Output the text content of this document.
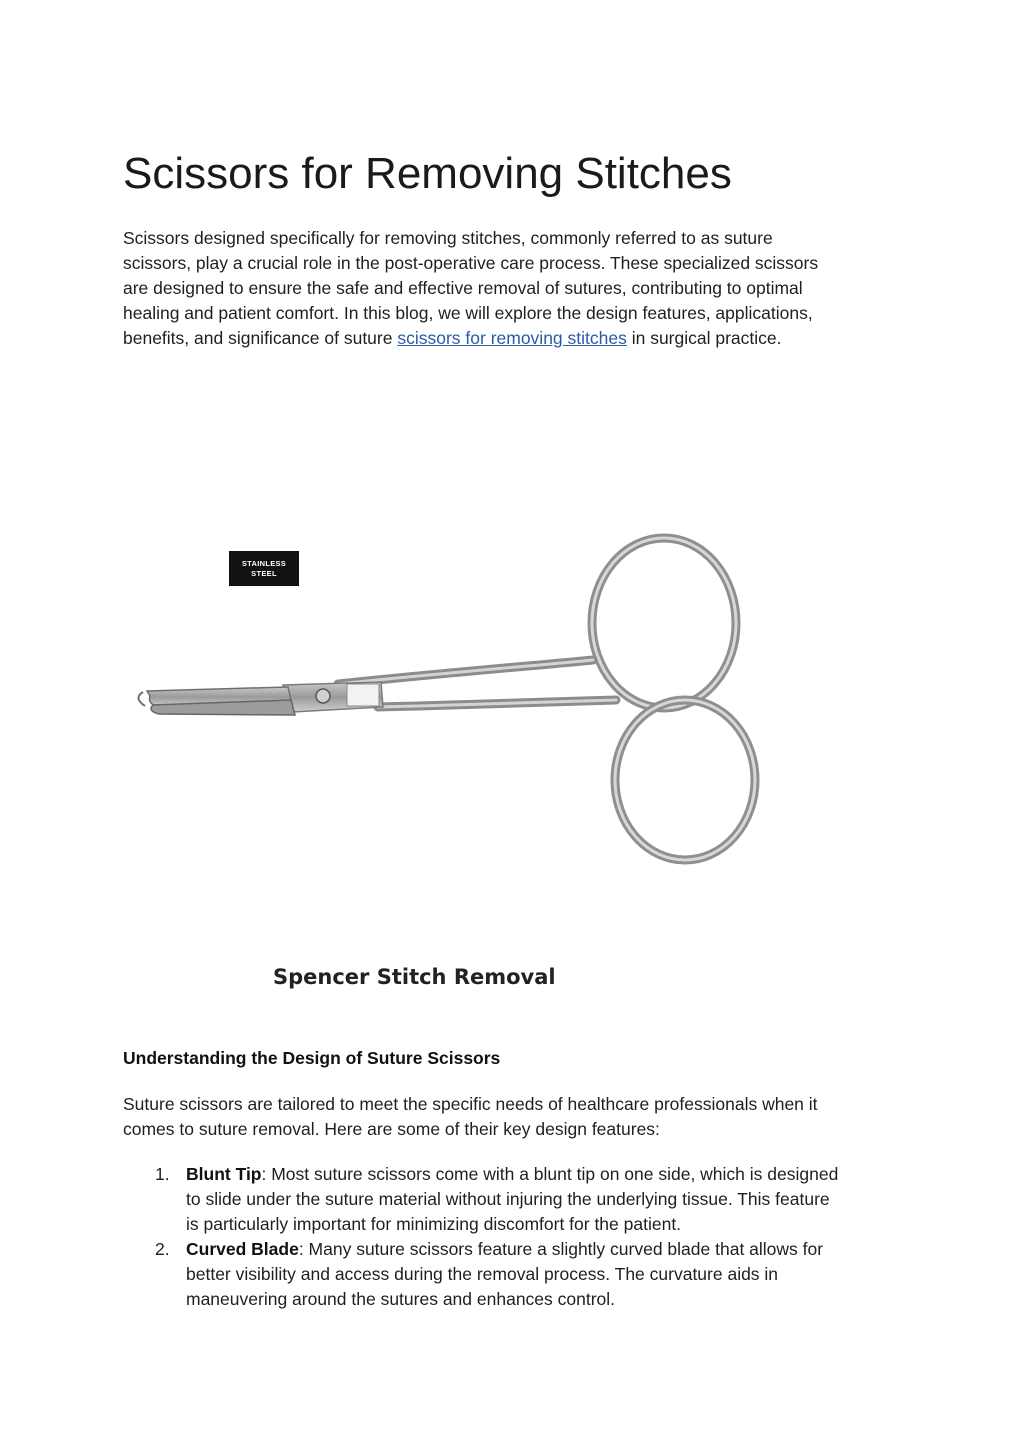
Scissors for Removing Stitches

Scissors designed specifically for removing stitches, commonly referred to as suture
scissors, play a crucial role in the post-operative care process. These specialized scissors
are designed to ensure the safe and effective removal of sutures, contributing to optimal
healing and patient comfort. In this blog, we will explore the design features, applications,
benefits, and significance of suture scissors for removing stitches in surgical practice.

STAINLESS
STEEL
Spencer Stitch Removal
Understanding the Design of Suture Scissors

Suture scissors are tailored to meet the specific needs of healthcare professionals when it
comes to suture removal. Here are some of their key design features:

1. Blunt Tip: Most suture scissors come with a blunt tip on one side, which is designed
to slide under the suture material without injuring the underlying tissue. This feature
is particularly important for minimizing discomfort for the patient.
2. Curved Blade: Many suture scissors feature a slightly curved blade that allows for
better visibility and access during the removal process. The curvature aids in
maneuvering around the sutures and enhances control.
